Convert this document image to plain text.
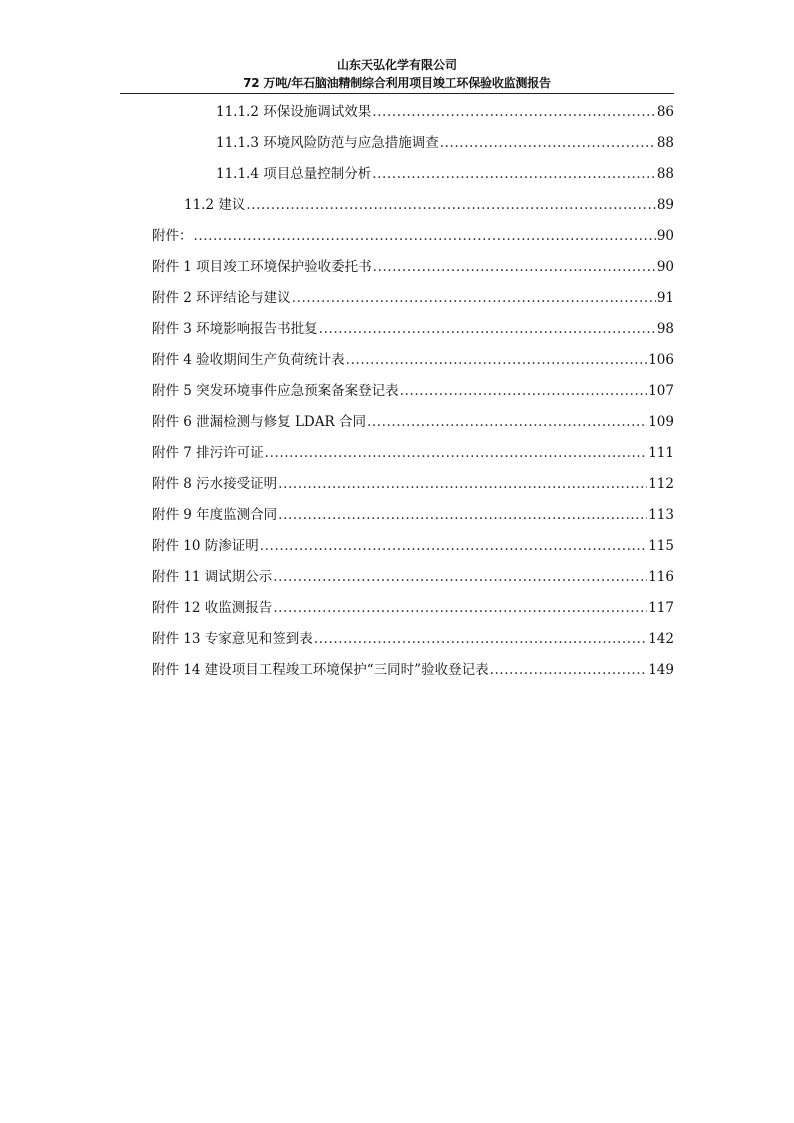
山东天弘化学有限公司
72 万吨/年石脑油精制综合利用项目竣工环保验收监测报告
11.1.2 环保设施调试效果 .....	86
11.1.3 环境风险防范与应急措施调查 .....	88
11.1.4 项目总量控制分析 .....	88
11.2 建议 .....	89
附件： .....	90
附件 1 项目竣工环境保护验收委托书 .....	90
附件 2 环评结论与建议 .....	91
附件 3 环境影响报告书批复 .....	98
附件 4 验收期间生产负荷统计表 .....	106
附件 5 突发环境事件应急预案备案登记表 .....	107
附件 6 泄漏检测与修复 LDAR 合同 .....	109
附件 7 排污许可证 .....	111
附件 8 污水接受证明 .....	112
附件 9 年度监测合同 .....	113
附件 10 防渗证明 .....	115
附件 11 调试期公示 .....	116
附件 12 收监测报告 .....	117
附件 13 专家意见和签到表 .....	142
附件 14 建设项目工程竣工环境保护“三同时”验收登记表 .....	149
